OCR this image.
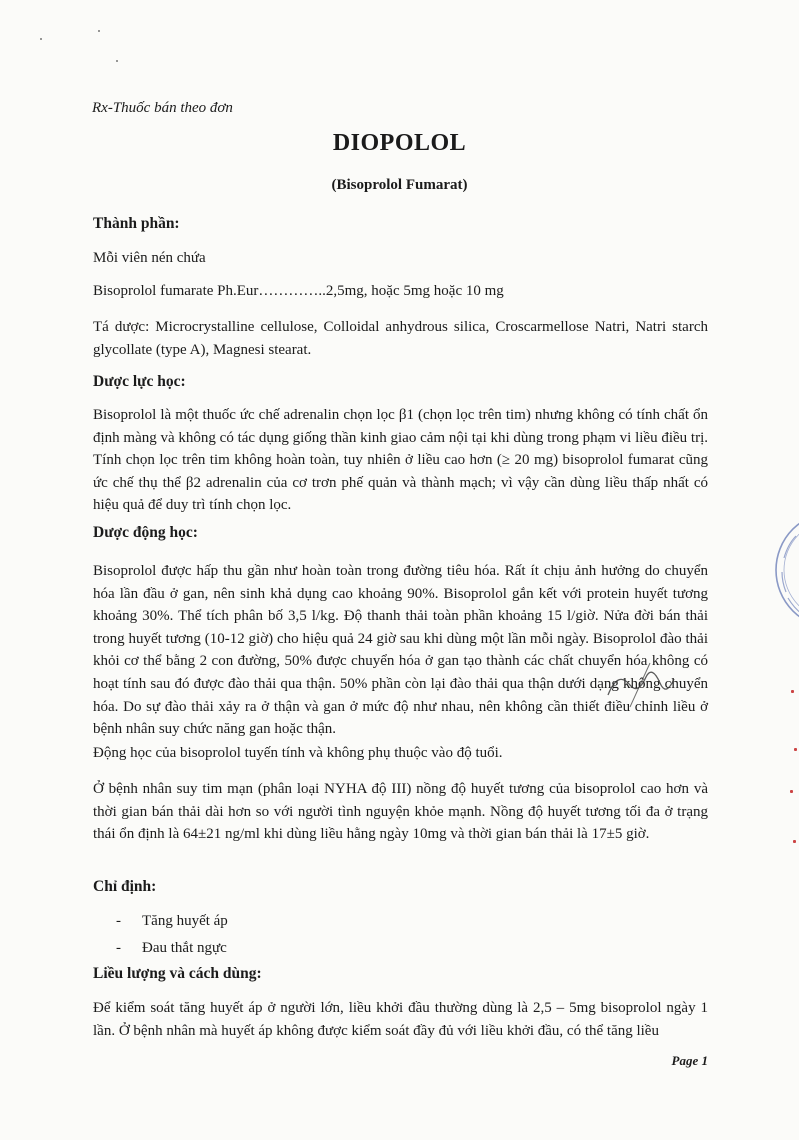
Rx-Thuốc bán theo đơn
DIOPOLOL
(Bisoprolol Fumarat)
Thành phần:
Mỗi viên nén chứa
Bisoprolol fumarate Ph.Eur…………..2,5mg, hoặc 5mg hoặc 10 mg
Tá dược: Microcrystalline cellulose, Colloidal anhydrous silica, Croscarmellose Natri, Natri starch glycollate (type A), Magnesi stearat.
Dược lực học:
Bisoprolol là một thuốc ức chế adrenalin chọn lọc β1 (chọn lọc trên tim) nhưng không có tính chất ổn định màng và không có tác dụng giống thần kinh giao cảm nội tại khi dùng trong phạm vi liều điều trị. Tính chọn lọc trên tim không hoàn toàn, tuy nhiên ở liều cao hơn (≥ 20 mg) bisoprolol fumarat cũng ức chế thụ thể β2 adrenalin của cơ trơn phế quản và thành mạch; vì vậy cần dùng liều thấp nhất có hiệu quả để duy trì tính chọn lọc.
Dược động học:
Bisoprolol được hấp thu gần như hoàn toàn trong đường tiêu hóa. Rất ít chịu ảnh hưởng do chuyển hóa lần đầu ở gan, nên sinh khả dụng cao khoảng 90%. Bisoprolol gắn kết với protein huyết tương khoảng 30%. Thể tích phân bố 3,5 l/kg. Độ thanh thải toàn phần khoảng 15 l/giờ. Nửa đời bán thải trong huyết tương (10-12 giờ) cho hiệu quả 24 giờ sau khi dùng một lần mỗi ngày. Bisoprolol đào thải khỏi cơ thể bằng 2 con đường, 50% được chuyển hóa ở gan tạo thành các chất chuyển hóa không có hoạt tính sau đó được đào thải qua thận. 50% phần còn lại đào thải qua thận dưới dạng không chuyển hóa. Do sự đào thải xảy ra ở thận và gan ở mức độ như nhau, nên không cần thiết điều chỉnh liều ở bệnh nhân suy chức năng gan hoặc thận.
Động học của bisoprolol tuyến tính và không phụ thuộc vào độ tuổi.
Ở bệnh nhân suy tim mạn (phân loại NYHA độ III) nồng độ huyết tương của bisoprolol cao hơn và thời gian bán thải dài hơn so với người tình nguyện khỏe mạnh. Nồng độ huyết tương tối đa ở trạng thái ổn định là 64±21 ng/ml khi dùng liều hằng ngày 10mg và thời gian bán thải là 17±5 giờ.
Chỉ định:
- Tăng huyết áp
- Đau thắt ngực
Liều lượng và cách dùng:
Để kiểm soát tăng huyết áp ở người lớn, liều khởi đầu thường dùng là 2,5 – 5mg bisoprolol ngày 1 lần. Ở bệnh nhân mà huyết áp không được kiểm soát đầy đủ với liều khởi đầu, có thể tăng liều
Page 1
